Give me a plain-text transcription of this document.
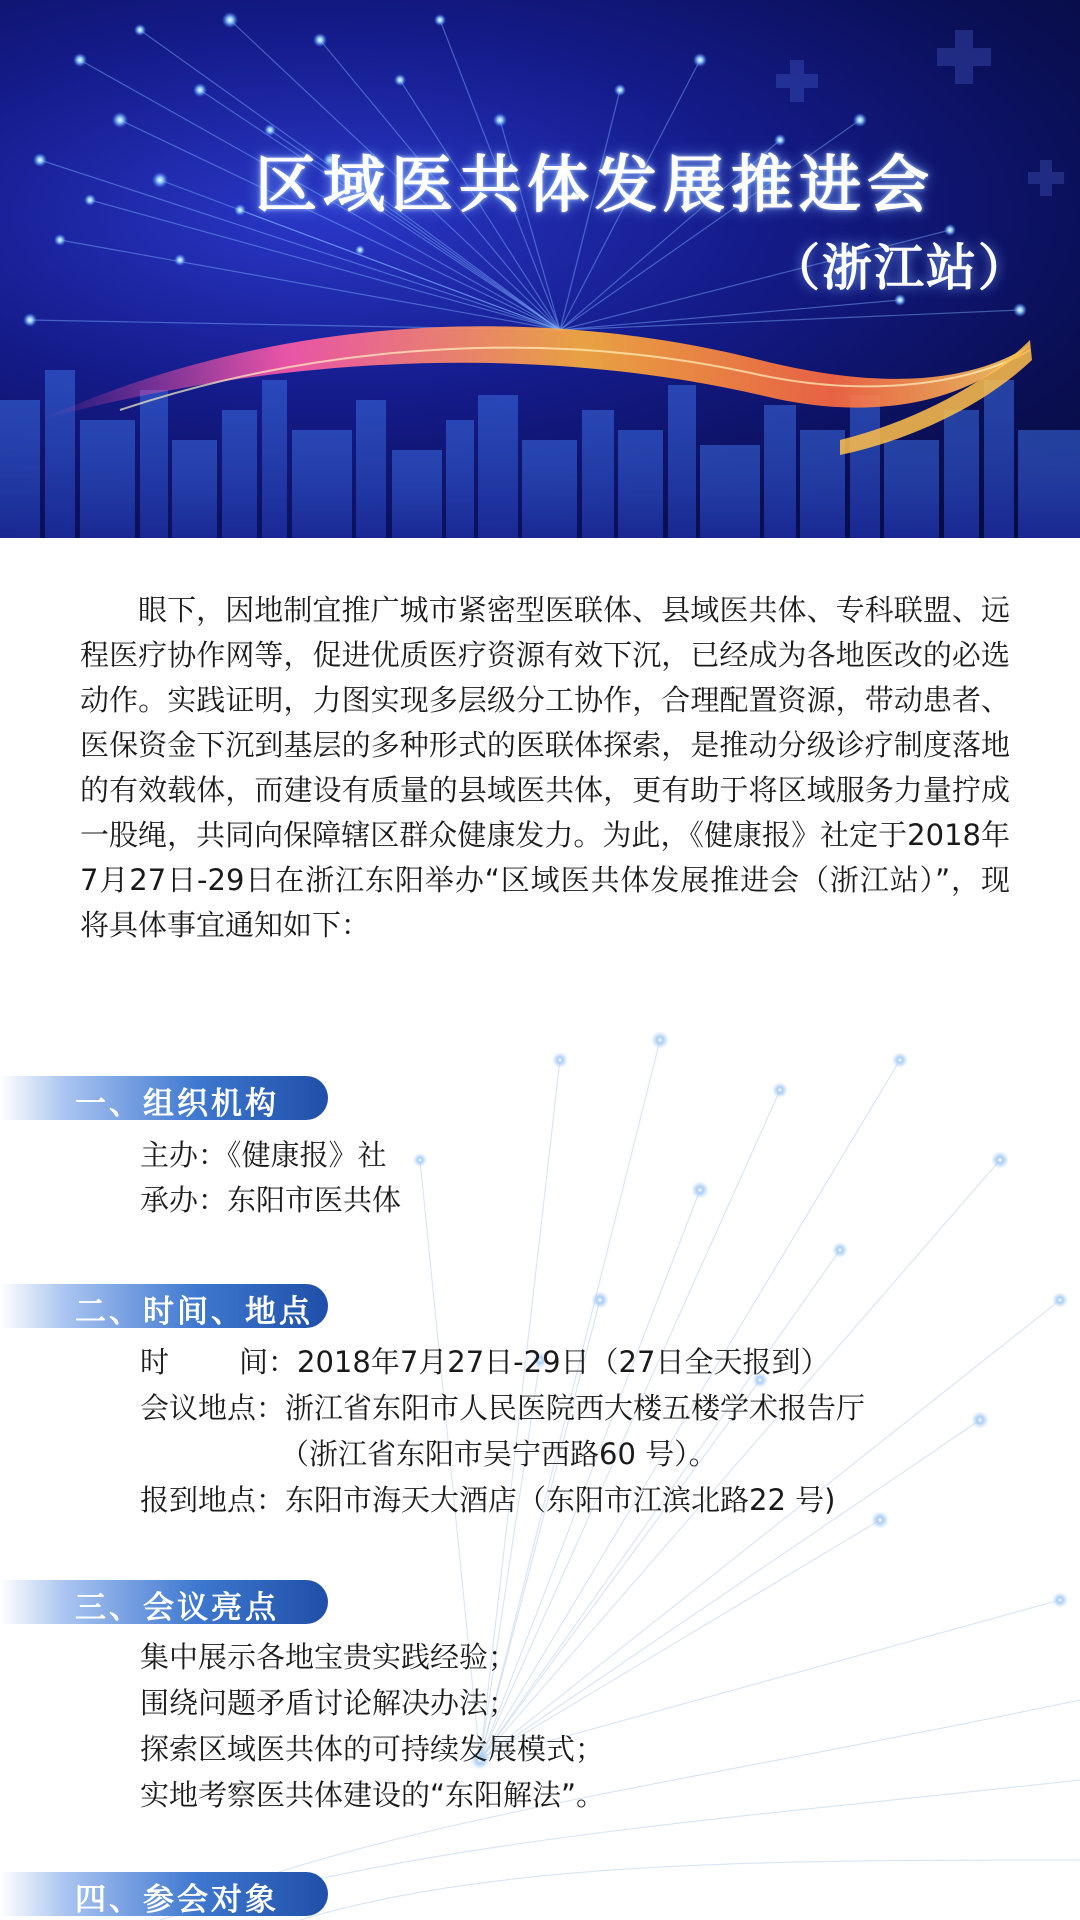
区域医共体发展推进会
（浙江站）

眼下，因地制宜推广城市紧密型医联体、县域医共体、专科联盟、远程医疗协作网等，促进优质医疗资源有效下沉，已经成为各地医改的必选动作。实践证明，力图实现多层级分工协作，合理配置资源，带动患者、医保资金下沉到基层的多种形式的医联体探索，是推动分级诊疗制度落地的有效载体，而建设有质量的县域医共体，更有助于将区域服务力量拧成一股绳，共同向保障辖区群众健康发力。为此，《健康报》社定于2018年7月27日-29日在浙江东阳举办“区域医共体发展推进会（浙江站）”，现将具体事宜通知如下：

一、组织机构
主办：《健康报》社
承办：东阳市医共体
二、时间、地点
时 间：2018年7月27日-29日（27日全天报到）
会议地点：浙江省东阳市人民医院西大楼五楼学术报告厅
（浙江省东阳市吴宁西路60 号）。
报到地点：东阳市海天大酒店（东阳市江滨北路22 号)
三、会议亮点
集中展示各地宝贵实践经验；
围绕问题矛盾讨论解决办法；
探索区域医共体的可持续发展模式；
实地考察医共体建设的“东阳解法”。
四、参会对象
